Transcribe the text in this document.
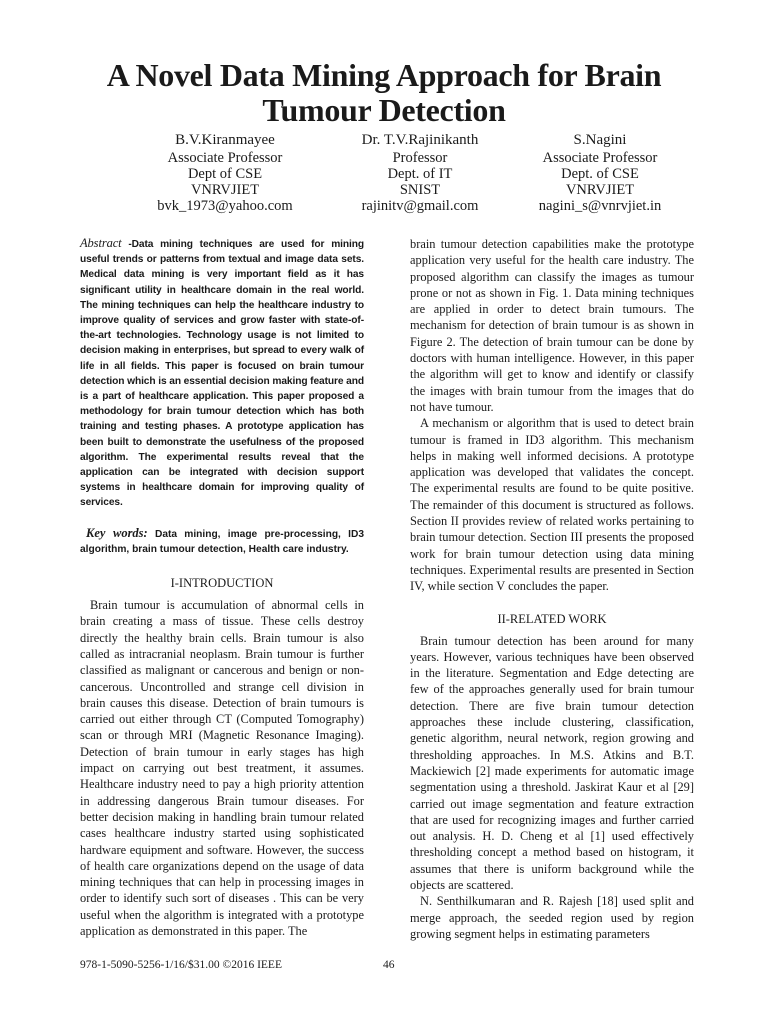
A Novel Data Mining Approach for Brain Tumour Detection
B.V.Kiranmayee
Associate Professor
Dept of CSE
VNRVJIET
bvk_1973@yahoo.com
Dr. T.V.Rajinikanth
Professor
Dept. of IT
SNIST
rajinitv@gmail.com
S.Nagini
Associate Professor
Dept. of CSE
VNRVJIET
nagini_s@vnrvjiet.in

Abstract -Data mining techniques are used for mining useful trends or patterns from textual and image data sets. Medical data mining is very important field as it has significant utility in healthcare domain in the real world. The mining techniques can help the healthcare industry to improve quality of services and grow faster with state-of-the-art technologies. Technology usage is not limited to decision making in enterprises, but spread to every walk of life in all fields. This paper is focused on brain tumour detection which is an essential decision making feature and is a part of healthcare application. This paper proposed a methodology for brain tumour detection which has both training and testing phases. A prototype application has been built to demonstrate the usefulness of the proposed algorithm. The experimental results reveal that the application can be integrated with decision support systems in healthcare domain for improving quality of services.

Key words: Data mining, image pre-processing, ID3 algorithm, brain tumour detection, Health care industry.

I-INTRODUCTION

Brain tumour is accumulation of abnormal cells in brain creating a mass of tissue. These cells destroy directly the healthy brain cells. Brain tumour is also called as intracranial neoplasm. Brain tumour is further classified as malignant or cancerous and benign or non-cancerous. Uncontrolled and strange cell division in brain causes this disease. Detection of brain tumours is carried out either through CT (Computed Tomography) scan or through MRI (Magnetic Resonance Imaging). Detection of brain tumour in early stages has high impact on carrying out best treatment, it assumes. Healthcare industry need to pay a high priority attention in addressing dangerous Brain tumour diseases. For better decision making in handling brain tumour related cases healthcare industry started using sophisticated hardware equipment and software. However, the success of health care organizations depend on the usage of data mining techniques that can help in processing images in order to identify such sort of diseases . This can be very useful when the algorithm is integrated with a prototype application as demonstrated in this paper. The

brain tumour detection capabilities make the prototype application very useful for the health care industry. The proposed algorithm can classify the images as tumour prone or not as shown in Fig. 1. Data mining techniques are applied in order to detect brain tumours. The mechanism for detection of brain tumour is as shown in Figure 2. The detection of brain tumour can be done by doctors with human intelligence. However, in this paper the algorithm will get to know and identify or classify the images with brain tumour from the images that do not have tumour.

A mechanism or algorithm that is used to detect brain tumour is framed in ID3 algorithm. This mechanism helps in making well informed decisions. A prototype application was developed that validates the concept. The experimental results are found to be quite positive. The remainder of this document is structured as follows. Section II provides review of related works pertaining to brain tumour detection. Section III presents the proposed work for brain tumour detection using data mining techniques. Experimental results are presented in Section IV, while section V concludes the paper.

II-RELATED WORK

Brain tumour detection has been around for many years. However, various techniques have been observed in the literature. Segmentation and Edge detecting are few of the approaches generally used for brain tumour detection. There are five brain tumour detection approaches these include clustering, classification, genetic algorithm, neural network, region growing and thresholding approaches. In M.S. Atkins and B.T. Mackiewich [2] made experiments for automatic image segmentation using a threshold. Jaskirat Kaur et al [29] carried out image segmentation and feature extraction that are used for recognizing images and further carried out analysis. H. D. Cheng et al [1] used effectively thresholding concept a method based on histogram, it assumes that there is uniform background while the objects are scattered.

N. Senthilkumaran and R. Rajesh [18] used split and merge approach, the seeded region used by region growing segment helps in estimating parameters

978-1-5090-5256-1/16/$31.00 ©2016 IEEE	46
